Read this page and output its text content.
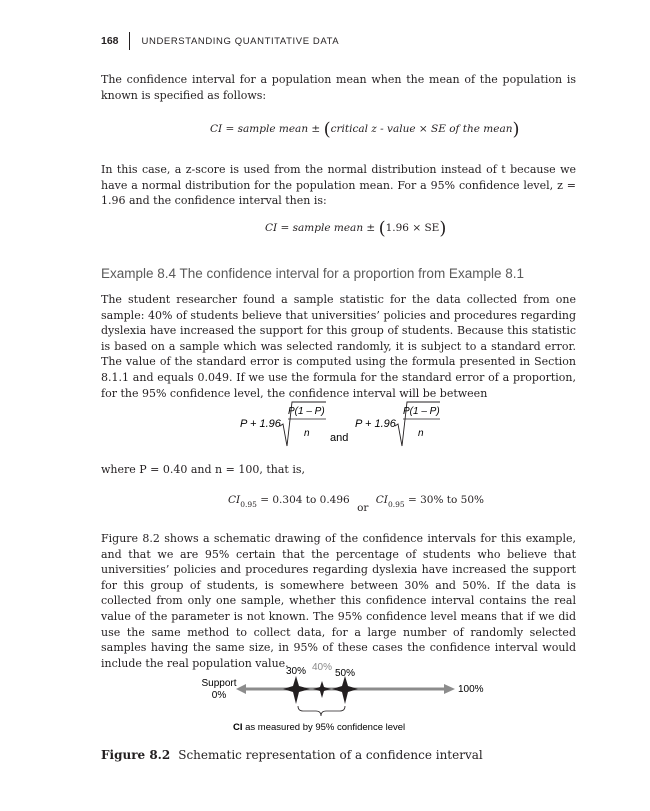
168 UNDERSTANDING QUANTITATIVE DATA

The confidence interval for a population mean when the mean of the population is known is specified as follows:

CI = sample mean ± (critical z - value × SE of the mean)

In this case, a z-score is used from the normal distribution instead of t because we have a normal distribution for the population mean. For a 95% confidence level, z = 1.96 and the confidence interval then is:

CI = sample mean ± (1.96 × SE)
Example 8.4 The confidence interval for a proportion from Example 8.1

The student researcher found a sample statistic for the data collected from one sample: 40% of students believe that universities’ policies and procedures regarding dyslexia have increased the support for this group of students. Because this statistic is based on a sample which was selected randomly, it is subject to a standard error. The value of the standard error is computed using the formula presented in Section 8.1.1 and equals 0.049. If we use the formula for the standard error of a proportion, for the 95% confidence level, the confidence interval will be between

P + 1.96
P(1 – P)
n and
P + 1.96
P(1 – P)
n

where P = 0.40 and n = 100, that is,

$CI_{0.95} = 0.304$ to 0.496 or $CI_{0.95} = 30\%$ to 50%

Figure 8.2 shows a schematic drawing of the confidence intervals for this example, and that we are 95% certain that the percentage of students who believe that universities’ policies and procedures regarding dyslexia have increased the support for this group of students, is somewhere between 30% and 50%. If the data is collected from only one sample, whether this confidence interval contains the real value of the parameter is not known. The 95% confidence level means that if we did use the same method to collect data, for a large number of randomly selected samples having the same size, in 95% of these cases the confidence interval would include the real population value.

Support
0%
100%
30% 40%
50%
CI as measured by 95% confidence level

Figure 8.2 Schematic representation of a confidence interval
